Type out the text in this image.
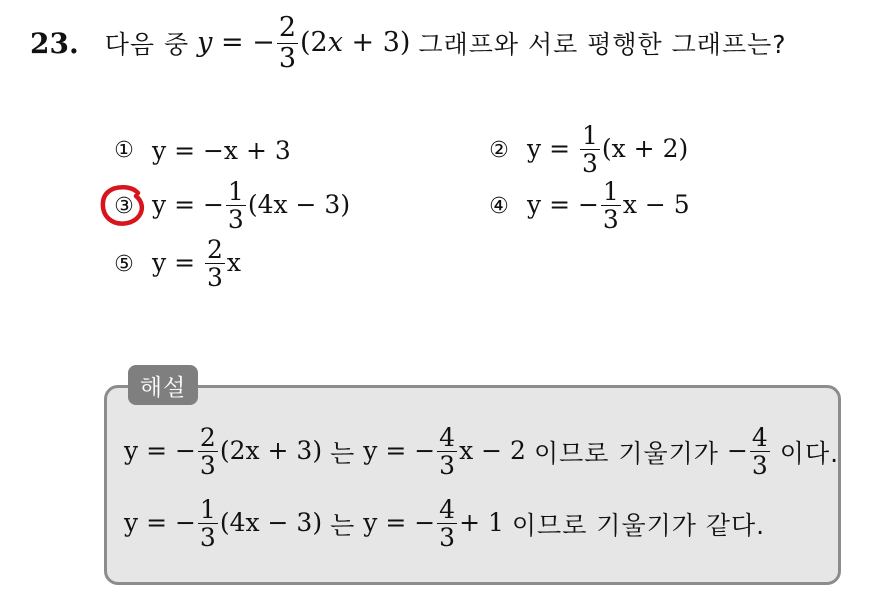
23. 다음 중 y = − $\frac{2}{3} (2x + 3)$ 그래프와 서로 평행한 그래프는?
① y = −x + 3	② $y = \frac{1}{3} (x + 2)$
③ y = − $\frac{1}{3} (4x - 3)$	④ y = − $\frac{1}{3}$ x − 5
⑤ $y = \frac{2}{3}$ x
해설
y = − $\frac{2}{3} (2x + 3)$ 는 y = − $\frac{4}{3}$ x − 2 이므로 기울기가 − $\frac{4}{3}$ 이다.
y = − $\frac{1}{3} (4x - 3)$ 는 y = − $\frac{4}{3} + 1$ 이므로 기울기가 같다.
